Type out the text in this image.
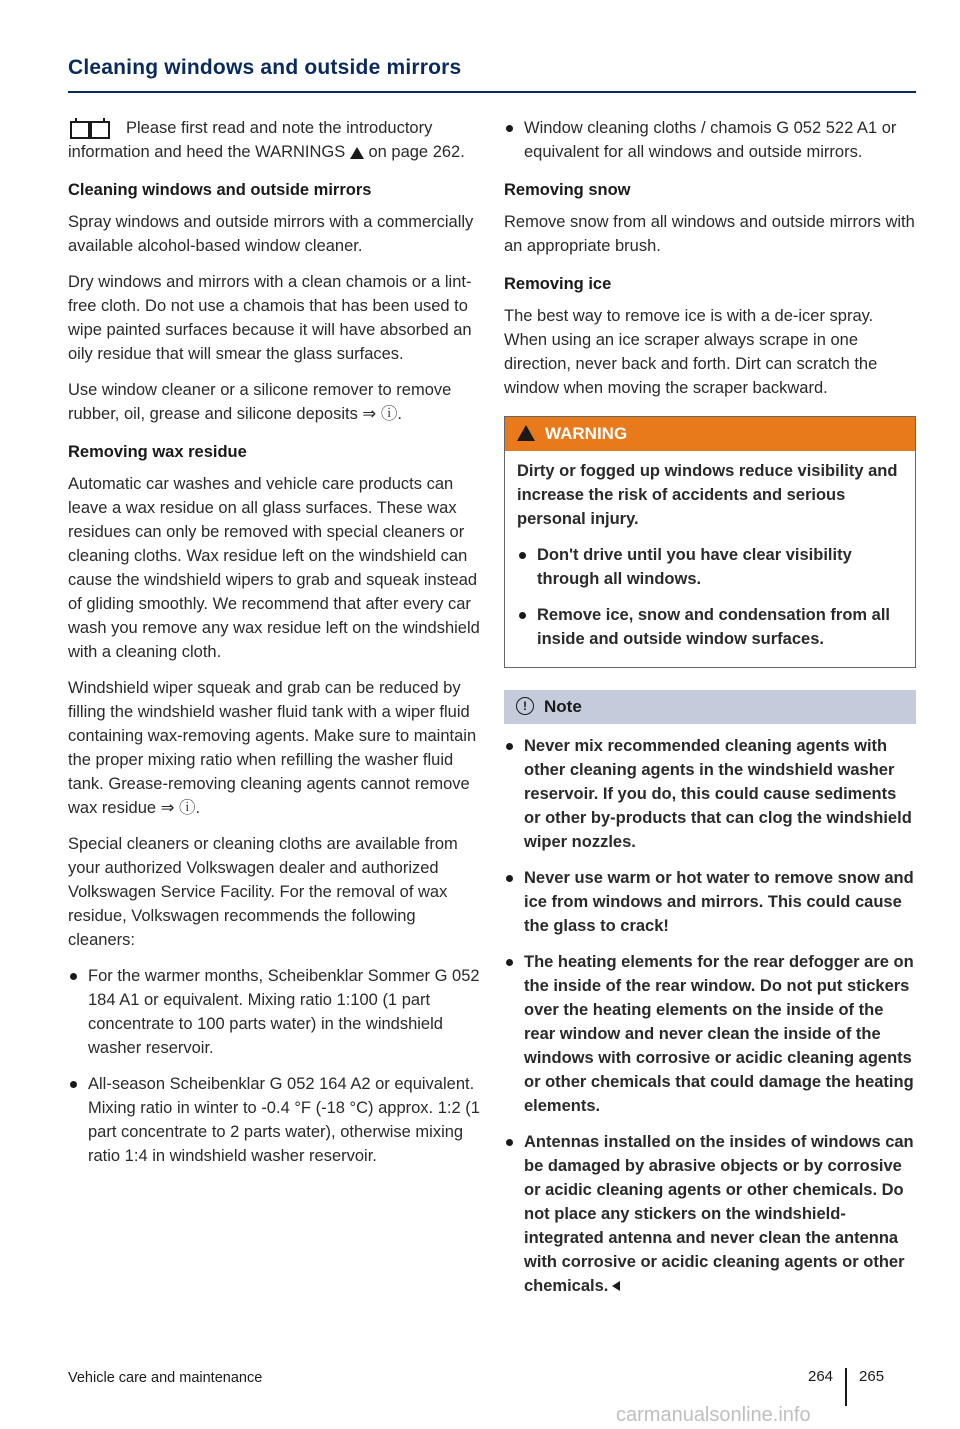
Cleaning windows and outside mirrors

Please first read and note the introductory information and heed the WARNINGS on page 262.

Cleaning windows and outside mirrors

Spray windows and outside mirrors with a commercially available alcohol-based window cleaner.

Dry windows and mirrors with a clean chamois or a lint-free cloth. Do not use a chamois that has been used to wipe painted surfaces because it will have absorbed an oily residue that will smear the glass surfaces.

Use window cleaner or a silicone remover to remove rubber, oil, grease and silicone deposits ⇒ ⓘ.

Removing wax residue

Automatic car washes and vehicle care products can leave a wax residue on all glass surfaces. These wax residues can only be removed with special cleaners or cleaning cloths. Wax residue left on the windshield can cause the windshield wipers to grab and squeak instead of gliding smoothly. We recommend that after every car wash you remove any wax residue left on the windshield with a cleaning cloth.

Windshield wiper squeak and grab can be reduced by filling the windshield washer fluid tank with a wiper fluid containing wax-removing agents. Make sure to maintain the proper mixing ratio when refilling the washer fluid tank. Grease-removing cleaning agents cannot remove wax residue ⇒ ⓘ.

Special cleaners or cleaning cloths are available from your authorized Volkswagen dealer and authorized Volkswagen Service Facility. For the removal of wax residue, Volkswagen recommends the following cleaners:

For the warmer months, Scheibenklar Sommer G 052 184 A1 or equivalent. Mixing ratio 1:100 (1 part concentrate to 100 parts water) in the windshield washer reservoir.
All-season Scheibenklar G 052 164 A2 or equivalent. Mixing ratio in winter to -0.4 °F (-18 °C) approx. 1:2 (1 part concentrate to 2 parts water), otherwise mixing ratio 1:4 in windshield washer reservoir.
Window cleaning cloths / chamois G 052 522 A1 or equivalent for all windows and outside mirrors.
Removing snow

Remove snow from all windows and outside mirrors with an appropriate brush.

Removing ice

The best way to remove ice is with a de-icer spray. When using an ice scraper always scrape in one direction, never back and forth. Dirt can scratch the window when moving the scraper backward.

WARNING

Dirty or fogged up windows reduce visibility and increase the risk of accidents and serious personal injury.

Don't drive until you have clear visibility through all windows.
Remove ice, snow and condensation from all inside and outside window surfaces.
! Note
Never mix recommended cleaning agents with other cleaning agents in the windshield washer reservoir. If you do, this could cause sediments or other by-products that can clog the windshield wiper nozzles.
Never use warm or hot water to remove snow and ice from windows and mirrors. This could cause the glass to crack!
The heating elements for the rear defogger are on the inside of the rear window. Do not put stickers over the heating elements on the inside of the rear window and never clean the inside of the windows with corrosive or acidic cleaning agents or other chemicals that could damage the heating elements.
Antennas installed on the insides of windows can be damaged by abrasive objects or by corrosive or acidic cleaning agents or other chemicals. Do not place any stickers on the windshield-integrated antenna and never clean the antenna with corrosive or acidic cleaning agents or other chemicals.
Vehicle care and maintenance	264 265
carmanualsonline.info
